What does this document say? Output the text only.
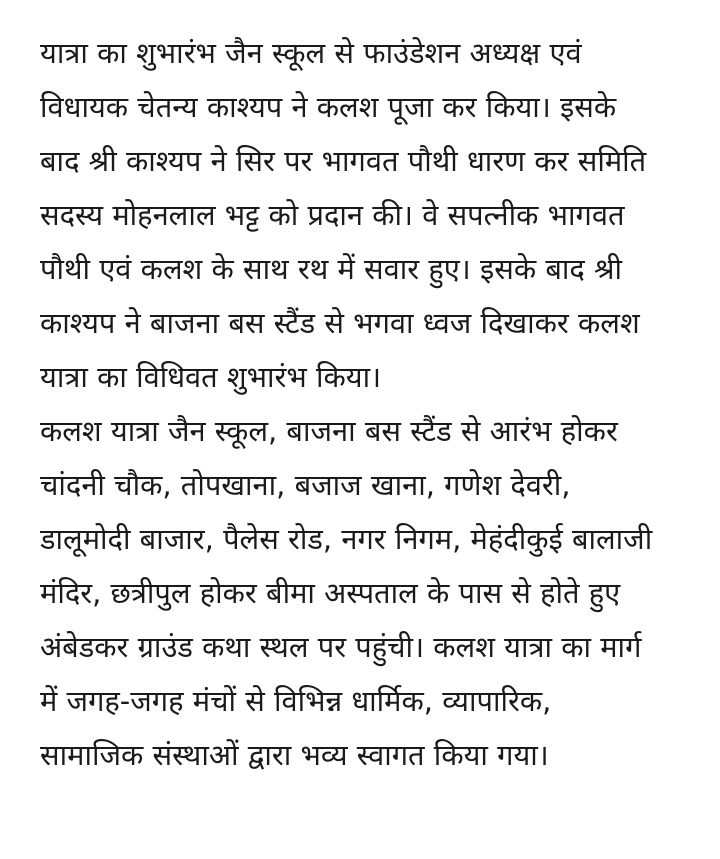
यात्रा का शुभारंभ जैन स्कूल से फाउंडेशन अध्यक्ष एवं
विधायक चेतन्य काश्यप ने कलश पूजा कर किया। इसके
बाद श्री काश्यप ने सिर पर भागवत पौथी धारण कर समिति
सदस्य मोहनलाल भट्ट को प्रदान की। वे सपत्नीक भागवत
पौथी एवं कलश के साथ रथ में सवार हुए। इसके बाद श्री
काश्यप ने बाजना बस स्टैंड से भगवा ध्वज दिखाकर कलश
यात्रा का विधिवत शुभारंभ किया।
कलश यात्रा जैन स्कूल, बाजना बस स्टैंड से आरंभ होकर
चांदनी चौक, तोपखाना, बजाज खाना, गणेश देवरी,
डालूमोदी बाजार, पैलेस रोड, नगर निगम, मेहंदीकुई बालाजी
मंदिर, छत्रीपुल होकर बीमा अस्पताल के पास से होते हुए
अंबेडकर ग्राउंड कथा स्थल पर पहुंची। कलश यात्रा का मार्ग
में जगह-जगह मंचों से विभिन्न धार्मिक, व्यापारिक,
सामाजिक संस्थाओं द्वारा भव्य स्वागत किया गया।
